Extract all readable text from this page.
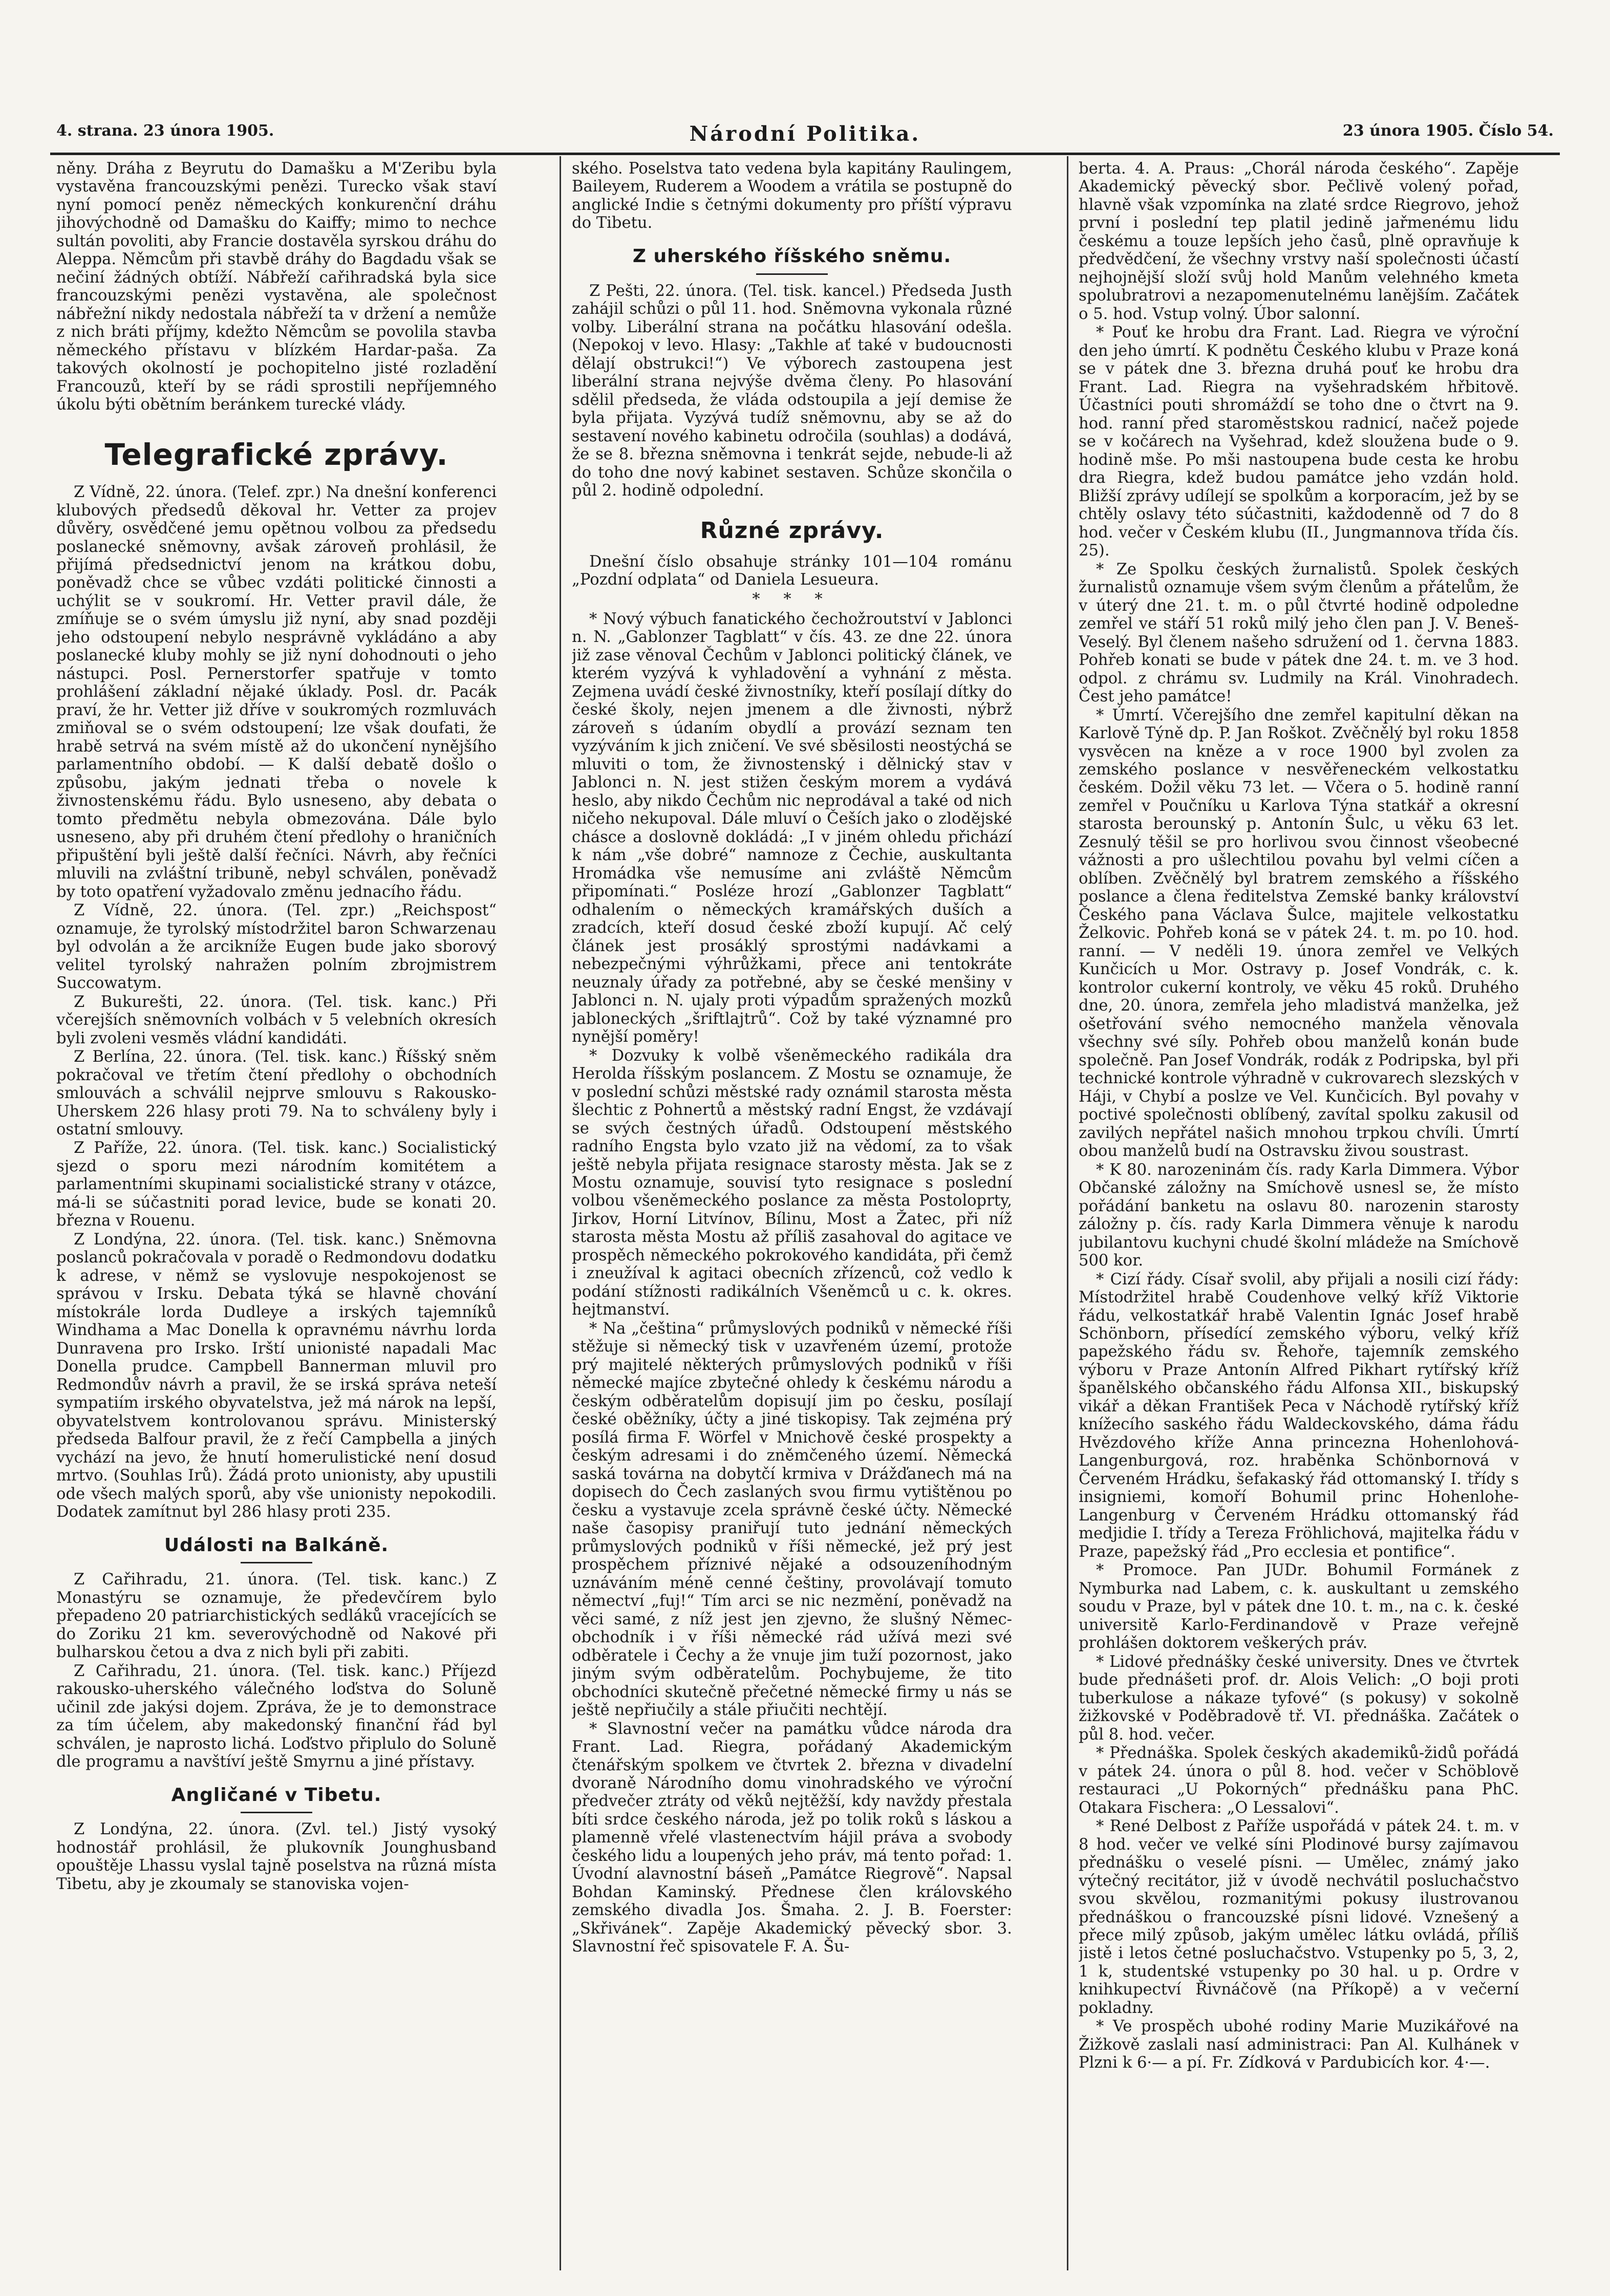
4. strana. 23 února 1905.	Národní Politika.	23 února 1905. Číslo 54.

něny. Dráha z Beyrutu do Damašku a M'Zeribu byla vystavěna francouzskými penězi. Turecko však staví nyní pomocí peněz německých konkurenční dráhu jihovýchodně od Damašku do Kaiffy; mimo to nechce sultán povoliti, aby Francie dostavěla syrskou dráhu do Aleppa. Němcům při stavbě dráhy do Bagdadu však se nečiní žádných obtíží. Nábřeží cařihradská byla sice francouzskými penězi vystavěna, ale společnost nábřežní nikdy nedostala nábřeží ta v držení a nemůže z nich bráti příjmy, kdežto Němcům se povolila stavba německého přístavu v blízkém Hardar-paša. Za takových okolností je pochopitelno jisté rozladění Francouzů, kteří by se rádi sprostili nepříjemného úkolu býti obětním beránkem turecké vlády.

Telegrafické zprávy.

Z Vídně, 22. února. (Telef. zpr.) Na dnešní konferenci klubových předsedů děkoval hr. Vetter za projev důvěry, osvědčené jemu opětnou volbou za předsedu poslanecké sněmovny, avšak zároveň prohlásil, že přijímá předsednictví jenom na krátkou dobu, poněvadž chce se vůbec vzdáti politické činnosti a uchýlit se v soukromí. Hr. Vetter pravil dále, že zmíňuje se o svém úmyslu již nyní, aby snad později jeho odstoupení nebylo nesprávně vykládáno a aby poslanecké kluby mohly se již nyní dohodnouti o jeho nástupci. Posl. Pernerstorfer spatřuje v tomto prohlášení základní nějaké úklady. Posl. dr. Pacák praví, že hr. Vetter již dříve v soukromých rozmluvách zmiňoval se o svém odstoupení; lze však doufati, že hrabě setrvá na svém místě až do ukončení nynějšího parlamentního období. — K další debatě došlo o způsobu, jakým jednati třeba o novele k živnostenskému řádu. Bylo usneseno, aby debata o tomto předmětu nebyla obmezována. Dále bylo usneseno, aby při druhém čtení předlohy o hraničních připuštění byli ještě další řečníci. Návrh, aby řečníci mluvili na zvláštní tribuně, nebyl schválen, poněvadž by toto opatření vyžadovalo změnu jednacího řádu.

Z Vídně, 22. února. (Tel. zpr.) „Reichspost“ oznamuje, že tyrolský místodržitel baron Schwarzenau byl odvolán a že arcikníže Eugen bude jako sborový velitel tyrolský nahražen polním zbrojmistrem Succowatym.

Z Bukurešti, 22. února. (Tel. tisk. kanc.) Při včerejších sněmovních volbách v 5 velebních okresích byli zvoleni vesměs vládní kandidáti.

Z Berlína, 22. února. (Tel. tisk. kanc.) Říšský sněm pokračoval ve třetím čtení předlohy o obchodních smlouvách a schválil nejprve smlouvu s Rakousko-Uherskem 226 hlasy proti 79. Na to schváleny byly i ostatní smlouvy.

Z Paříže, 22. února. (Tel. tisk. kanc.) Socialistický sjezd o sporu mezi národním komitétem a parlamentními skupinami socialistické strany v otázce, má-li se súčastniti porad levice, bude se konati 20. března v Rouenu.

Z Londýna, 22. února. (Tel. tisk. kanc.) Sněmovna poslanců pokračovala v poradě o Redmondovu dodatku k adrese, v němž se vyslovuje nespokojenost se správou v Irsku. Debata týká se hlavně chování místokrále lorda Dudleye a irských tajemníků Windhama a Mac Donella k opravnému návrhu lorda Dunravena pro Irsko. Irští unionisté napadali Mac Donella prudce. Campbell Bannerman mluvil pro Redmondův návrh a pravil, že se irská správa neteší sympatiím irského obyvatelstva, jež má nárok na lepší, obyvatelstvem kontrolovanou správu. Ministerský předseda Balfour pravil, že z řečí Campbella a jiných vychází na jevo, že hnutí homerulistické není dosud mrtvo. (Souhlas Irů). Žádá proto unionisty, aby upustili ode všech malých sporů, aby vše unionisty nepokodili. Dodatek zamítnut byl 286 hlasy proti 235.

Události na Balkáně.

Z Cařihradu, 21. února. (Tel. tisk. kanc.) Z Monastýru se oznamuje, že předevčírem bylo přepadeno 20 patriarchistických sedláků vracejících se do Zoriku 21 km. severovýchodně od Nakové při bulharskou četou a dva z nich byli při zabiti.

Z Cařihradu, 21. února. (Tel. tisk. kanc.) Příjezd rakousko-uherského válečného loďstva do Soluně učinil zde jakýsi dojem. Zpráva, že je to demonstrace za tím účelem, aby makedonský finanční řád byl schválen, je naprosto lichá. Loďstvo připlulo do Soluně dle programu a navštíví ještě Smyrnu a jiné přístavy.

Angličané v Tibetu.

Z Londýna, 22. února. (Zvl. tel.) Jistý vysoký hodnostář prohlásil, že plukovník Jounghusband opouštěje Lhassu vyslal tajně poselstva na různá místa Tibetu, aby je zkoumaly se stanoviska vojen-

ského. Poselstva tato vedena byla kapitány Raulingem, Baileyem, Ruderem a Woodem a vrátila se postupně do anglické Indie s četnými dokumenty pro příští výpravu do Tibetu.

Z uherského říšského sněmu.

Z Pešti, 22. února. (Tel. tisk. kancel.) Předseda Justh zahájil schůzi o půl 11. hod. Sněmovna vykonala různé volby. Liberální strana na počátku hlasování odešla. (Nepokoj v levo. Hlasy: „Takhle ať také v budoucnosti dělají obstrukci!“) Ve výborech zastoupena jest liberální strana nejvýše dvěma členy. Po hlasování sdělil předseda, že vláda odstoupila a její demise že byla přijata. Vyzývá tudíž sněmovnu, aby se až do sestavení nového kabinetu odročila (souhlas) a dodává, že se 8. března sněmovna i tenkrát sejde, nebude-li až do toho dne nový kabinet sestaven. Schůze skončila o půl 2. hodině odpolední.

Různé zprávy.

Dnešní číslo obsahuje stránky 101—104 románu „Pozdní odplata“ od Daniela Lesueura.

* * *

* Nový výbuch fanatického čechožroutství v Jablonci n. N. „Gablonzer Tagblatt“ v čís. 43. ze dne 22. února již zase věnoval Čechům v Jablonci politický článek, ve kterém vyzývá k vyhladovění a vyhnání z města. Zejmena uvádí české živnostníky, kteří posílají dítky do české školy, nejen jmenem a dle živnosti, nýbrž zároveň s údaním obydlí a provází seznam ten vyzýváním k jich zničení. Ve své sběsilosti neostýchá se mluviti o tom, že živnostenský i dělnický stav v Jablonci n. N. jest stižen českým morem a vydává heslo, aby nikdo Čechům nic neprodával a také od nich ničeho nekupoval. Dále mluví o Češích jako o zlodějské chásce a doslovně dokládá: „I v jiném ohledu přichází k nám „vše dobré“ namnoze z Čechie, auskultanta Hromádka vše nemusíme ani zvláště Němcům připomínati.“ Posléze hrozí „Gablonzer Tagblatt“ odhalením o německých kramářských duších a zradcích, kteří dosud české zboží kupují. Ač celý článek jest prosáklý sprostými nadávkami a nebezpečnými výhrůžkami, přece ani tentokráte neuznaly úřady za potřebné, aby se české menšiny v Jablonci n. N. ujaly proti výpadům spražených mozků jabloneckých „šriftlajtrů“. Což by také významné pro nynější poměry!

* Dozvuky k volbě všeněmeckého radikála dra Herolda říšským poslancem. Z Mostu se oznamuje, že v poslední schůzi městské rady oznámil starosta města šlechtic z Pohnertů a městský radní Engst, že vzdávají se svých čestných úřadů. Odstoupení městského radního Engsta bylo vzato již na vědomí, za to však ještě nebyla přijata resignace starosty města. Jak se z Mostu oznamuje, souvisí tyto resignace s poslední volbou všeněmeckého poslance za města Postoloprty, Jirkov, Horní Litvínov, Bílinu, Most a Žatec, při níž starosta města Mostu až příliš zasahoval do agitace ve prospěch německého pokrokového kandidáta, při čemž i zneužíval k agitaci obecních zřízenců, což vedlo k podání stížnosti radikálních Všeněmců u c. k. okres. hejtmanství.

* Na „čeština“ průmyslových podniků v německé říši stěžuje si německý tisk v uzavřeném území, protože prý majitelé některých průmyslových podniků v říši německé majíce zbytečné ohledy k českému národu a českým odběratelům dopisují jim po česku, posílají české oběžníky, účty a jiné tiskopisy. Tak zejména prý posílá firma F. Wörfel v Mnichově české prospekty a českým adresami i do zněmčeného území. Německá saská továrna na dobytčí krmiva v Drážďanech má na dopisech do Čech zaslaných svou firmu vytištěnou po česku a vystavuje zcela správně české účty. Německé naše časopisy praniřují tuto jednání německých průmyslových podniků v říši německé, jež prý jest prospěchem příznivé nějaké a odsouzeníhodným uznáváním méně cenné češtiny, provolávají tomuto němectví „fuj!“ Tím arci se nic nezmění, poněvadž na věci samé, z níž jest jen zjevno, že slušný Němec-obchodník i v říši německé rád užívá mezi své odběratele i Čechy a že vnuje jim tuží pozornost, jako jiným svým odběratelům. Pochybujeme, že tito obchodníci skutečně přečetné německé firmy u nás se ještě nepřiučily a stále přiučiti nechtějí.

* Slavnostní večer na památku vůdce národa dra Frant. Lad. Riegra, pořádaný Akademickým čtenářským spolkem ve čtvrtek 2. března v divadelní dvoraně Národního domu vinohradského ve výroční předvečer ztráty od věků nejtěžší, kdy navždy přestala bíti srdce českého národa, jež po tolik roků s láskou a plamenně vřelé vlastenectvím hájil práva a svobody českého lidu a loupených jeho práv, má tento pořad: 1. Úvodní alavnostní báseň „Památce Riegrově“. Napsal Bohdan Kaminský. Přednese člen královského zemského divadla Jos. Šmaha. 2. J. B. Foerster: „Skřivánek“. Zapěje Akademický pěvecký sbor. 3. Slavnostní řeč spisovatele F. A. Šu-

berta. 4. A. Praus: „Chorál národa českého“. Zapěje Akademický pěvecký sbor. Pečlivě volený pořad, hlavně však vzpomínka na zlaté srdce Riegrovo, jehož první i poslední tep platil jedině jařmenému lidu českému a touze lepších jeho časů, plně opravňuje k předvědčení, že všechny vrstvy naší společnosti účastí nejhojnější složí svůj hold Manům velehného kmeta spolubratrovi a nezapomenutelnému lanějším. Začátek o 5. hod. Vstup volný. Úbor salonní.

* Pouť ke hrobu dra Frant. Lad. Riegra ve výroční den jeho úmrtí. K podnětu Českého klubu v Praze koná se v pátek dne 3. března druhá pouť ke hrobu dra Frant. Lad. Riegra na vyšehradském hřbitově. Účastníci pouti shromáždí se toho dne o čtvrt na 9. hod. ranní před staroměstskou radnicí, načež pojede se v kočárech na Vyšehrad, kdež sloužena bude o 9. hodině mše. Po mši nastoupena bude cesta ke hrobu dra Riegra, kdež budou památce jeho vzdán hold. Bližší zprávy udílejí se spolkům a korporacím, jež by se chtěly oslavy této súčastniti, každodenně od 7 do 8 hod. večer v Českém klubu (II., Jungmannova třída čís. 25).

* Ze Spolku českých žurnalistů. Spolek českých žurnalistů oznamuje všem svým členům a přátelům, že v úterý dne 21. t. m. o půl čtvrté hodině odpoledne zemřel ve stáří 51 roků milý jeho člen pan J. V. Beneš-Veselý. Byl členem našeho sdružení od 1. června 1883. Pohřeb konati se bude v pátek dne 24. t. m. ve 3 hod. odpol. z chrámu sv. Ludmily na Král. Vinohradech. Čest jeho památce!

* Úmrtí. Včerejšího dne zemřel kapitulní děkan na Karlově Týně dp. P. Jan Roškot. Zvěčnělý byl roku 1858 vysvěcen na kněze a v roce 1900 byl zvolen za zemského poslance v nesvěřeneckém velkostatku českém. Dožil věku 73 let. — Včera o 5. hodině ranní zemřel v Poučníku u Karlova Týna statkář a okresní starosta berounský p. Antonín Šulc, u věku 63 let. Zesnulý těšil se pro horlivou svou činnost všeobecné vážnosti a pro ušlechtilou povahu byl velmi cíčen a oblíben. Zvěčnělý byl bratrem zemského a říšského poslance a člena ředitelstva Zemské banky království Českého pana Václava Šulce, majitele velkostatku Želkovic. Pohřeb koná se v pátek 24. t. m. po 10. hod. ranní. — V neděli 19. února zemřel ve Velkých Kunčicích u Mor. Ostravy p. Josef Vondrák, c. k. kontrolor cukerní kontroly, ve věku 45 roků. Druhého dne, 20. února, zemřela jeho mladistvá manželka, jež ošetřování svého nemocného manžela věnovala všechny své síly. Pohřeb obou manželů konán bude společně. Pan Josef Vondrák, rodák z Podripska, byl při technické kontrole výhradně v cukrovarech slezských v Háji, v Chybí a poslze ve Vel. Kunčicích. Byl povahy v poctivé společnosti oblíbený, zavítal spolku zakusil od zavilých nepřátel našich mnohou trpkou chvíli. Úmrtí obou manželů budí na Ostravsku živou soustrast.

* K 80. narozeninám čís. rady Karla Dimmera. Výbor Občanské záložny na Smíchově usnesl se, že místo pořádání banketu na oslavu 80. narozenin starosty záložny p. čís. rady Karla Dimmera věnuje k narodu jubilantovu kuchyni chudé školní mládeže na Smíchově 500 kor.

* Cizí řády. Císař svolil, aby přijali a nosili cizí řády: Místodržitel hrabě Coudenhove velký kříž Viktorie řádu, velkostatkář hrabě Valentin Ignác Josef hrabě Schönborn, přísedící zemského výboru, velký kříž papežského řádu sv. Řehoře, tajemník zemského výboru v Praze Antonín Alfred Pikhart rytířský kříž španělského občanského řádu Alfonsa XII., biskupský vikář a děkan František Peca v Náchodě rytířský kříž knížecího saského řádu Waldeckovského, dáma řádu Hvězdového kříže Anna princezna Hohenlohová-Langenburgová, roz. hraběnka Schönbornová v Červeném Hrádku, šefakaský řád ottomanský I. třídy s insigniemi, komoří Bohumil princ Hohenlohe-Langenburg v Červeném Hrádku ottomanský řád medjidie I. třídy a Tereza Fröhlichová, majitelka řádu v Praze, papežský řád „Pro ecclesia et pontifice“.

* Promoce. Pan JUDr. Bohumil Formánek z Nymburka nad Labem, c. k. auskultant u zemského soudu v Praze, byl v pátek dne 10. t. m., na c. k. české universitě Karlo-Ferdinandově v Praze veřejně prohlášen doktorem veškerých práv.

* Lidové přednášky české university. Dnes ve čtvrtek bude přednášeti prof. dr. Alois Velich: „O boji proti tuberkulose a nákaze tyfové“ (s pokusy) v sokolně žižkovské v Poděbradově tř. VI. přednáška. Začátek o půl 8. hod. večer.

* Přednáška. Spolek českých akademiků-židů pořádá v pátek 24. února o půl 8. hod. večer v Schöblově restauraci „U Pokorných“ přednášku pana PhC. Otakara Fischera: „O Lessalovi“.

* René Delbost z Paříže uspořádá v pátek 24. t. m. v 8 hod. večer ve velké síni Plodinové bursy zajímavou přednášku o veselé písni. — Umělec, známý jako výtečný recitátor, již v úvodě nechvátil posluchačstvo svou skvělou, rozmanitými pokusy ilustrovanou přednáškou o francouzské písni lidové. Vznešený a přece milý způsob, jakým umělec látku ovládá, příliš jistě i letos četné posluchačstvo. Vstupenky po 5, 3, 2, 1 k, studentské vstupenky po 30 hal. u p. Ordre v knihkupectví Řivnáčově (na Příkopě) a v večerní pokladny.

* Ve prospěch ubohé rodiny Marie Muzikářové na Žižkově zaslali nasí administraci: Pan Al. Kulhánek v Plzni k 6·— a pí. Fr. Zídková v Pardubicích kor. 4·—.
